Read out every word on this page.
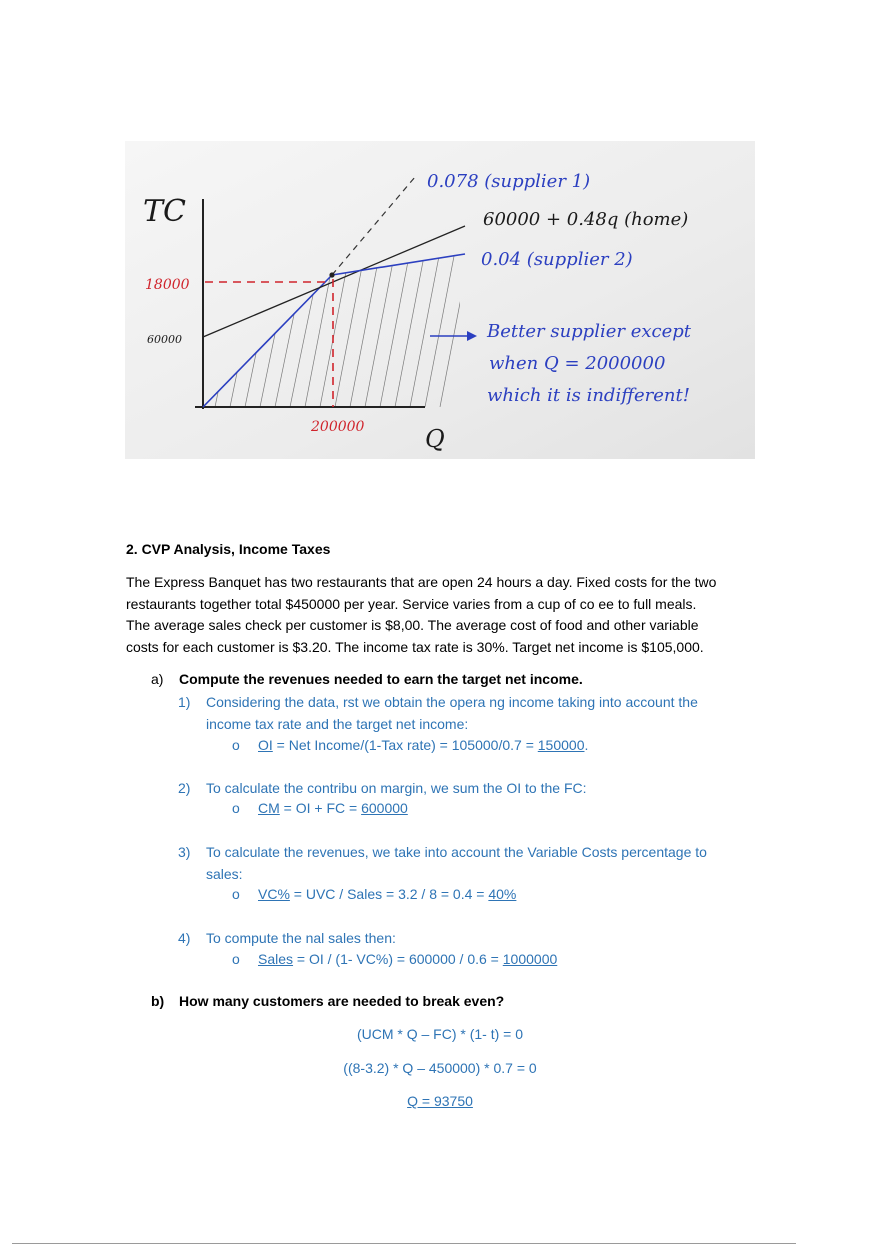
TC
Q
18000
60000
200000
0.078 (supplier 1)
60000 + 0.48q (home)
0.04 (supplier 2)
Better supplier except
when Q = 2000000
which it is indifferent!
2. CVP Analysis, Income Taxes
The Express Banquet has two restaurants that are open 24 hours a day. Fixed costs for the two
restaurants together total $450000 per year. Service varies from a cup of co ee to full meals.
The average sales check per customer is $8,00. The average cost of food and other variable
costs for each customer is $3.20. The income tax rate is 30%. Target net income is $105,000.
a) Compute the revenues needed to earn the target net income.
1) Considering the data, rst we obtain the opera ng income taking into account the
income tax rate and the target net income:
o OI = Net Income/(1-Tax rate) = 105000/0.7 = 150000.
2) To calculate the contribu on margin, we sum the OI to the FC:
o CM = OI + FC = 600000
3) To calculate the revenues, we take into account the Variable Costs percentage to
sales:
o VC% = UVC / Sales = 3.2 / 8 = 0.4 = 40%
4) To compute the nal sales then:
o Sales = OI / (1- VC%) = 600000 / 0.6 = 1000000
b) How many customers are needed to break even?
(UCM * Q – FC) * (1- t) = 0
((8-3.2) * Q – 450000) * 0.7 = 0
Q = 93750
